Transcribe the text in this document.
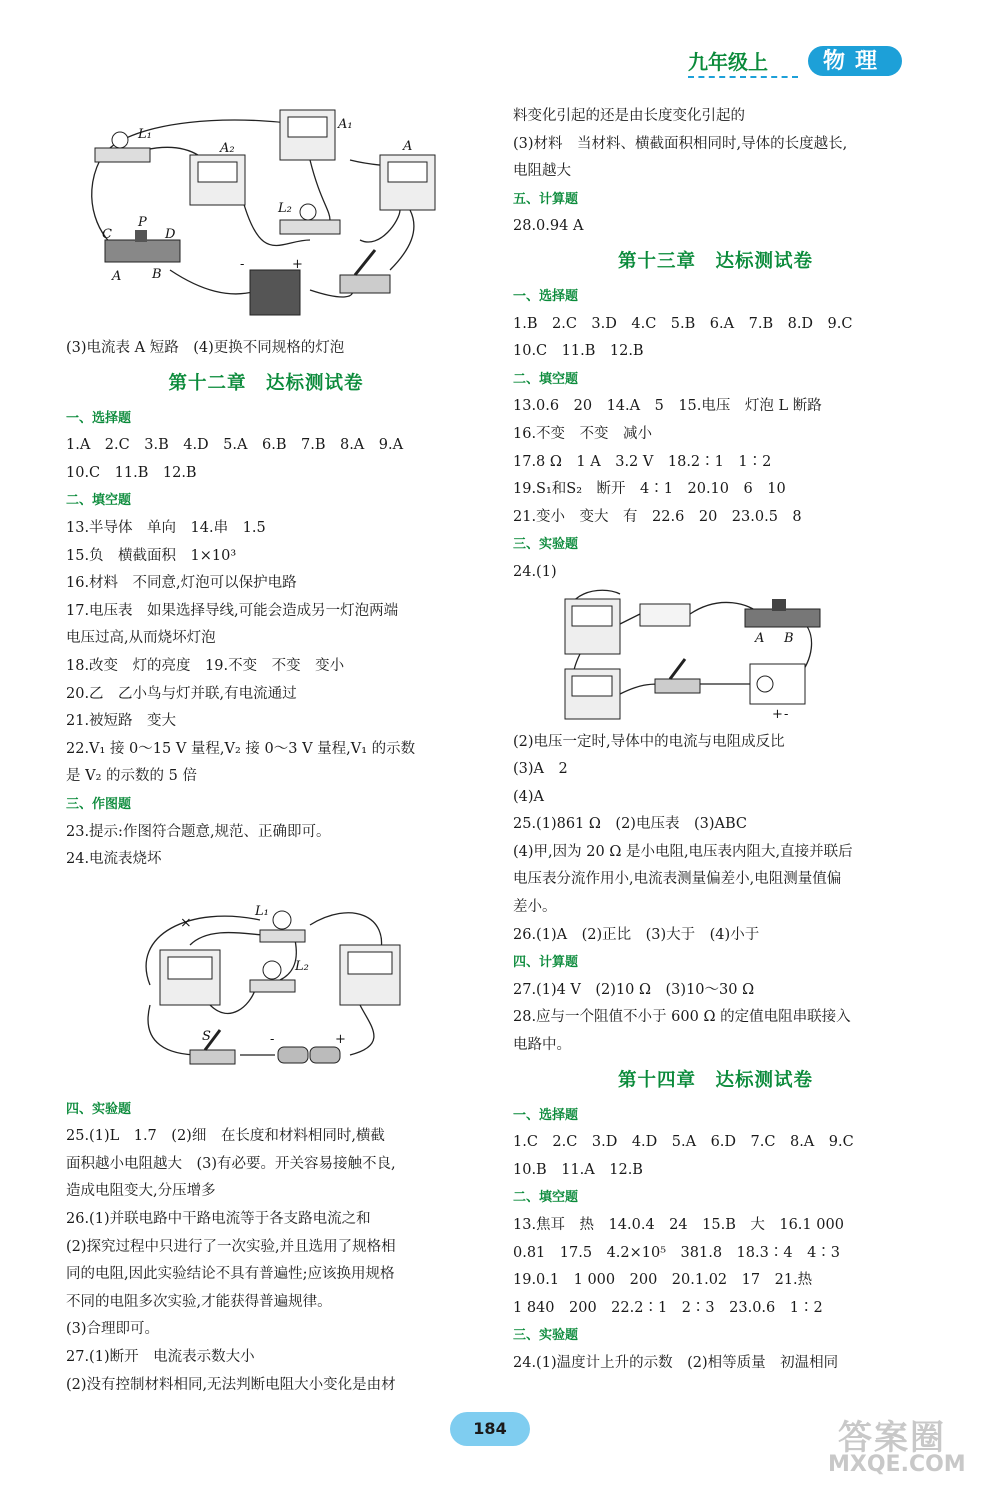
九年级上	物理
L₁
A₁
A₂	A
L₂
C
P
D
A B
-	+

(3)电流表 A 短路　(4)更换不同规格的灯泡

第十二章　达标测试卷

一、选择题

1.A　2.C　3.B　4.D　5.A　6.B　7.B　8.A　9.A

10.C　11.B　12.B

二、填空题

13.半导体　单向　14.串　1.5

15.负　横截面积　1×10³

16.材料　不同意,灯泡可以保护电路

17.电压表　如果选择导线,可能会造成另一灯泡两端

电压过高,从而烧坏灯泡

18.改变　灯的亮度　19.不变　不变　变小

20.乙　乙小鸟与灯并联,有电流通过

21.被短路　变大

22.V₁ 接 0～15 V 量程,V₂ 接 0～3 V 量程,V₁ 的示数

是 V₂ 的示数的 5 倍

三、作图题

23.提示:作图符合题意,规范、正确即可。

24.电流表烧坏

四、实验题

25.(1)L　1.7　(2)细　在长度和材料相同时,横截

面积越小电阻越大　(3)有必要。开关容易接触不良,

造成电阻变大,分压增多

26.(1)并联电路中干路电流等于各支路电流之和

(2)探究过程中只进行了一次实验,并且选用了规格相

同的电阻,因此实验结论不具有普遍性;应该换用规格

不同的电阻多次实验,才能获得普遍规律。

(3)合理即可。

27.(1)断开　电流表示数大小

(2)没有控制材料相同,无法判断电阻大小变化是由材

×
L₁
L₂
S	-	+

料变化引起的还是由长度变化引起的

(3)材料　当材料、横截面积相同时,导体的长度越长,

电阻越大

五、计算题

28.0.94 A

第十三章　达标测试卷

一、选择题

1.B　2.C　3.D　4.C　5.B　6.A　7.B　8.D　9.C

10.C　11.B　12.B

二、填空题

13.0.6　20　14.A　5　15.电压　灯泡 L 断路

16.不变　不变　减小

17.8 Ω　1 A　3.2 V　18.2∶1　1∶2

19.S₁和S₂　断开　4∶1　20.10　6　10

21.变小　变大　有　22.6　20　23.0.5　8

三、实验题

24.(1)

(2)电压一定时,导体中的电流与电阻成反比

(3)A　2

(4)A

25.(1)861 Ω　(2)电压表　(3)ABC

(4)甲,因为 20 Ω 是小电阻,电压表内阻大,直接并联后

电压表分流作用小,电流表测量偏差小,电阻测量值偏

差小。

26.(1)A　(2)正比　(3)大于　(4)小于

四、计算题

27.(1)4 V　(2)10 Ω　(3)10～30 Ω

28.应与一个阻值不小于 600 Ω 的定值电阻串联接入

电路中。

第十四章　达标测试卷

一、选择题

1.C　2.C　3.D　4.D　5.A　6.D　7.C　8.A　9.C

10.B　11.A　12.B

二、填空题

13.焦耳　热　14.0.4　24　15.B　大　16.1 000

0.81　17.5　4.2×10⁵　381.8　18.3∶4　4∶3

19.0.1　1 000　200　20.1.02　17　21.热

1 840　200　22.2∶1　2∶3　23.0.6　1∶2

三、实验题

24.(1)温度计上升的示数　(2)相等质量　初温相同

A B
+ -
184	答案圈
MXQE.COM
